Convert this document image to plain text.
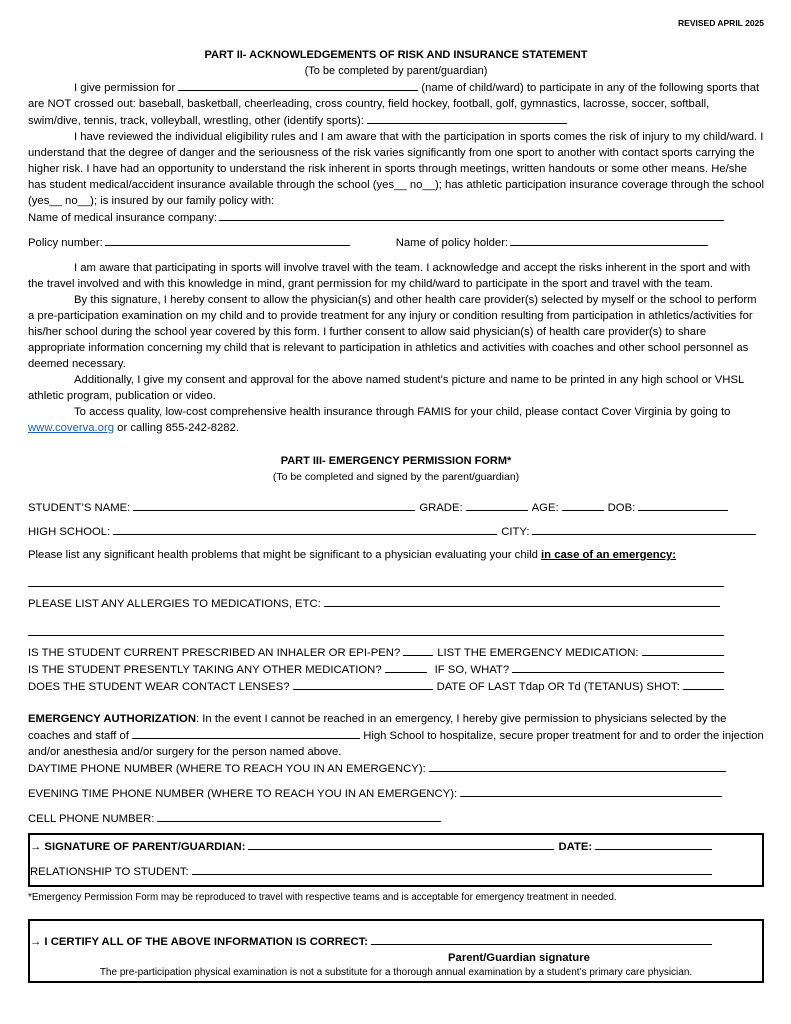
REVISED APRIL 2025
PART II- ACKNOWLEDGEMENTS OF RISK AND INSURANCE STATEMENT
(To be completed by parent/guardian)

I give permission for	(name of child/ward) to participate in any of the following sports that are NOT crossed out: baseball, basketball, cheerleading, cross country, field hockey, football, golf, gymnastics, lacrosse, soccer, softball, swim/dive, tennis, track, volleyball, wrestling, other (identify sports):

I have reviewed the individual eligibility rules and I am aware that with the participation in sports comes the risk of injury to my child/ward. I understand that the degree of danger and the seriousness of the risk varies significantly from one sport to another with contact sports carrying the higher risk. I have had an opportunity to understand the risk inherent in sports through meetings, written handouts or some other means. He/she has student medical/accident insurance available through the school (yes__ no__); has athletic participation insurance coverage through the school (yes__ no__); is insured by our family policy with:

Name of medical insurance company:
Policy number:	Name of policy holder:

I am aware that participating in sports will involve travel with the team. I acknowledge and accept the risks inherent in the sport and with the travel involved and with this knowledge in mind, grant permission for my child/ward to participate in the sport and travel with the team.

By this signature, I hereby consent to allow the physician(s) and other health care provider(s) selected by myself or the school to perform a pre-participation examination on my child and to provide treatment for any injury or condition resulting from participation in athletics/activities for his/her school during the school year covered by this form. I further consent to allow said physician(s) of health care provider(s) to share appropriate information concerning my child that is relevant to participation in athletics and activities with coaches and other school personnel as deemed necessary.

Additionally, I give my consent and approval for the above named student’s picture and name to be printed in any high school or VHSL athletic program, publication or video.

To access quality, low-cost comprehensive health insurance through FAMIS for your child, please contact Cover Virginia by going to www.coverva.org or calling 855-242-8282.

PART III- EMERGENCY PERMISSION FORM*
(To be completed and signed by the parent/guardian)
STUDENT’S NAME:	GRADE:	AGE:	DOB:
HIGH SCHOOL:	CITY:

Please list any significant health problems that might be significant to a physician evaluating your child in case of an emergency:

PLEASE LIST ANY ALLERGIES TO MEDICATIONS, ETC:
IS THE STUDENT CURRENT PRESCRIBED AN INHALER OR EPI-PEN?	LIST THE EMERGENCY MEDICATION:
IS THE STUDENT PRESENTLY TAKING ANY OTHER MEDICATION?	IF SO, WHAT?
DOES THE STUDENT WEAR CONTACT LENSES?	DATE OF LAST Tdap OR Td (TETANUS) SHOT:

EMERGENCY AUTHORIZATION: In the event I cannot be reached in an emergency, I hereby give permission to physicians selected by the coaches and staff of	High School to hospitalize, secure proper treatment for and to order the injection and/or anesthesia and/or surgery for the person named above.

DAYTIME PHONE NUMBER (WHERE TO REACH YOU IN AN EMERGENCY):
EVENING TIME PHONE NUMBER (WHERE TO REACH YOU IN AN EMERGENCY):
CELL PHONE NUMBER:
→ SIGNATURE OF PARENT/GUARDIAN:	DATE:
RELATIONSHIP TO STUDENT:
*Emergency Permission Form may be reproduced to travel with respective teams and is acceptable for emergency treatment in needed.
→ I CERTIFY ALL OF THE ABOVE INFORMATION IS CORRECT:
Parent/Guardian signature
The pre-participation physical examination is not a substitute for a thorough annual examination by a student’s primary care physician.
